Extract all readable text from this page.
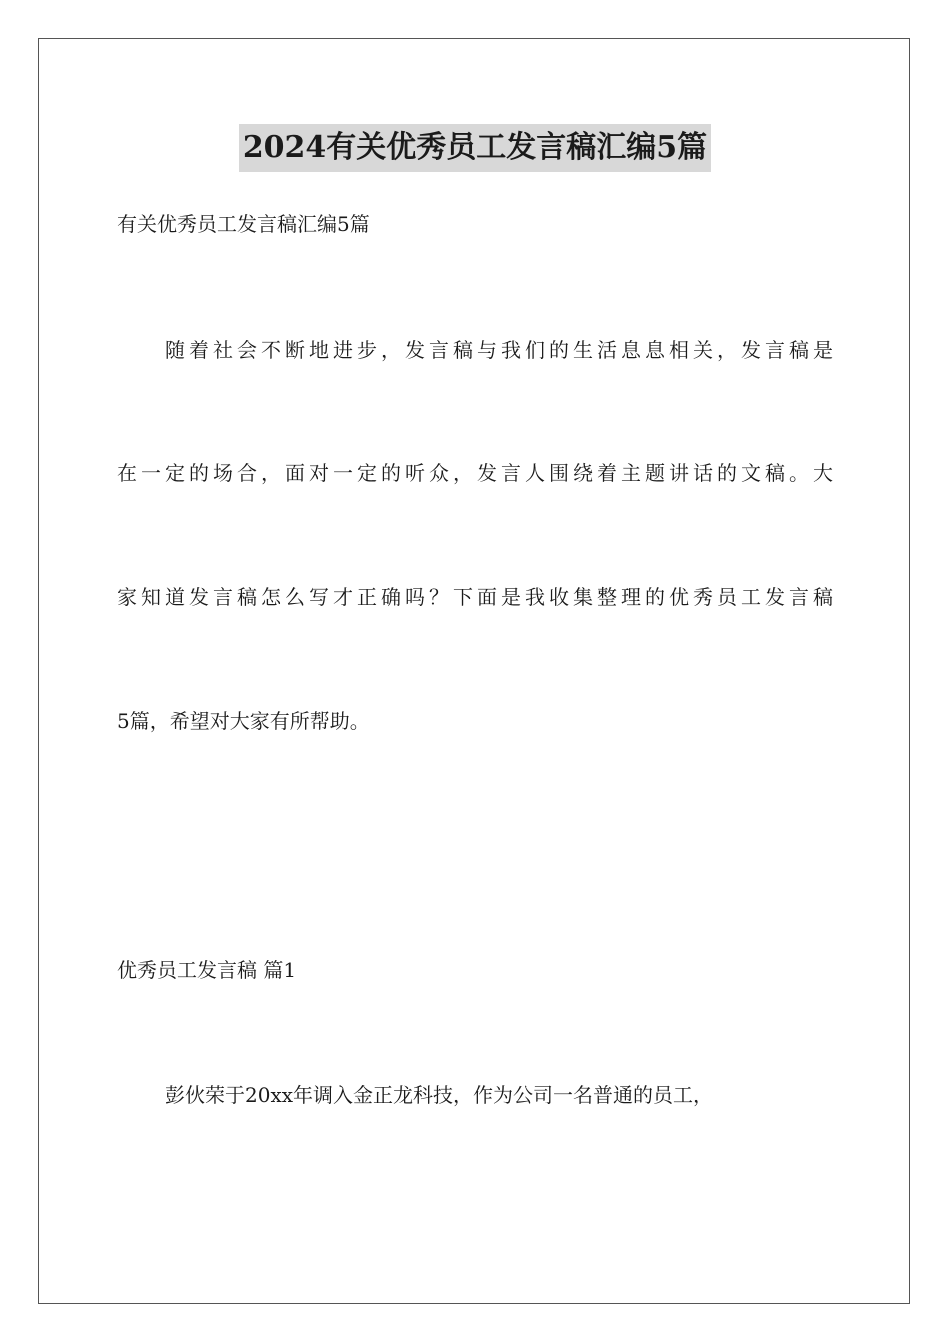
2024有关优秀员工发言稿汇编5篇
有关优秀员工发言稿汇编5篇
随着社会不断地进步，发言稿与我们的生活息息相关，发言稿是
在一定的场合，面对一定的听众，发言人围绕着主题讲话的文稿。大
家知道发言稿怎么写才正确吗？下面是我收集整理的优秀员工发言稿
5篇，希望对大家有所帮助。
优秀员工发言稿 篇1
彭伙荣于20xx年调入金正龙科技，作为公司一名普通的员工，
